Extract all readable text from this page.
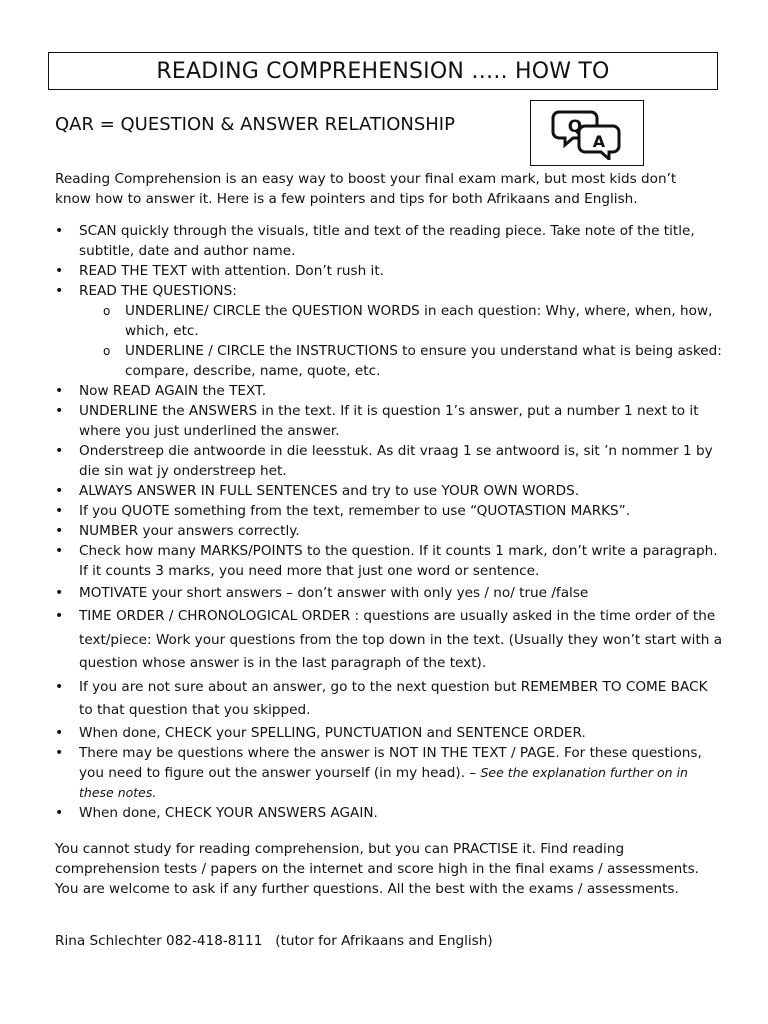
READING COMPREHENSION ….. HOW TO
QAR = QUESTION & ANSWER RELATIONSHIP	Q
A
Reading Comprehension is an easy way to boost your final exam mark, but most kids don’t know how to answer it. Here is a few pointers and tips for both Afrikaans and English.
• SCAN quickly through the visuals, title and text of the reading piece. Take note of the title, subtitle, date and author name.
• READ THE TEXT with attention. Don’t rush it.
• READ THE QUESTIONS:
o UNDERLINE/ CIRCLE the QUESTION WORDS in each question: Why, where, when, how, which, etc.
o UNDERLINE / CIRCLE the INSTRUCTIONS to ensure you understand what is being asked: compare, describe, name, quote, etc.
• Now READ AGAIN the TEXT.
• UNDERLINE the ANSWERS in the text. If it is question 1’s answer, put a number 1 next to it where you just underlined the answer.
• Onderstreep die antwoorde in die leesstuk. As dit vraag 1 se antwoord is, sit ’n nommer 1 by die sin wat jy onderstreep het.
• ALWAYS ANSWER IN FULL SENTENCES and try to use YOUR OWN WORDS.
• If you QUOTE something from the text, remember to use “QUOTASTION MARKS”.
• NUMBER your answers correctly.
• Check how many MARKS/POINTS to the question. If it counts 1 mark, don’t write a paragraph. If it counts 3 marks, you need more that just one word or sentence.
• MOTIVATE your short answers – don’t answer with only yes / no/ true /false
• TIME ORDER / CHRONOLOGICAL ORDER : questions are usually asked in the time order of the text/piece: Work your questions from the top down in the text. (Usually they won’t start with a question whose answer is in the last paragraph of the text).
• If you are not sure about an answer, go to the next question but REMEMBER TO COME BACK to that question that you skipped.
• When done, CHECK your SPELLING, PUNCTUATION and SENTENCE ORDER.
• There may be questions where the answer is NOT IN THE TEXT / PAGE. For these questions, you need to figure out the answer yourself (in my head). – See the explanation further on in these notes.
• When done, CHECK YOUR ANSWERS AGAIN.
You cannot study for reading comprehension, but you can PRACTISE it. Find reading comprehension tests / papers on the internet and score high in the final exams / assessments. You are welcome to ask if any further questions. All the best with the exams / assessments.
Rina Schlechter 082-418-8111   (tutor for Afrikaans and English)
